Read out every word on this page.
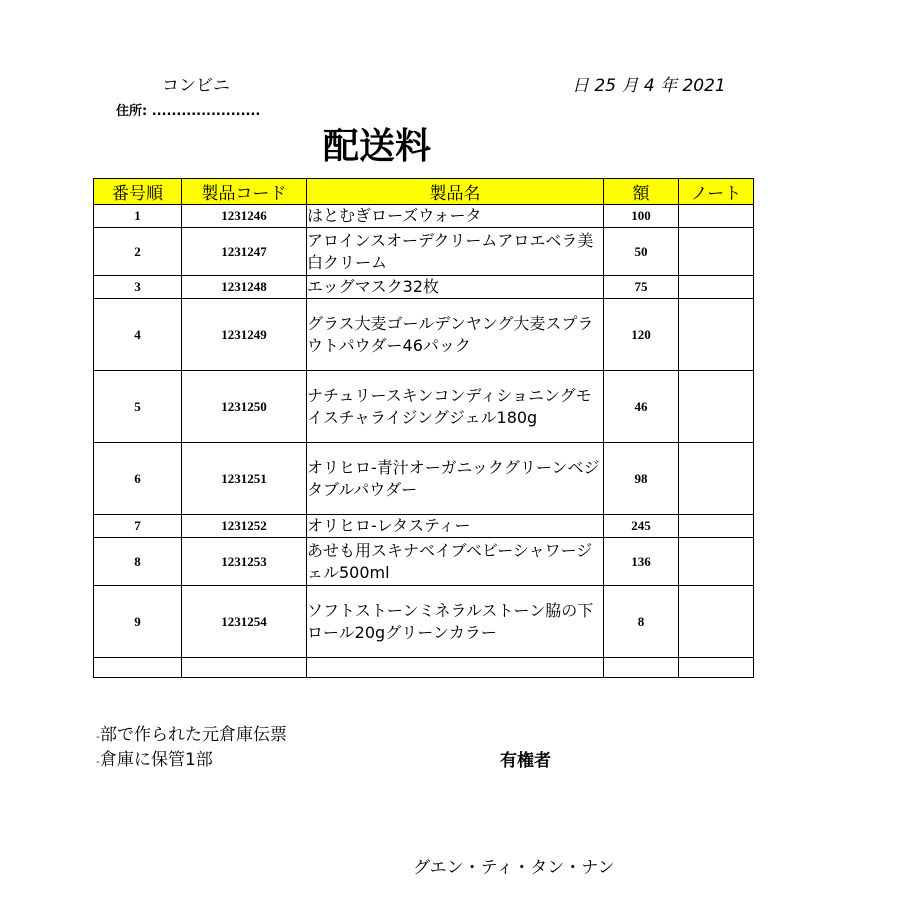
コンビニ
住所: ......................
日 25 月 4 年 2021
配送料
番号順	製品コード	製品名	額	ノート
1	1231246	はとむぎローズウォータ	100	
2	1231247	アロインスオーデクリームアロエベラ美白クリーム	50	
3	1231248	エッグマスク32枚	75	
4	1231249	グラス大麦ゴールデンヤング大麦スプラウトパウダー46パック	120	
5	1231250	ナチュリースキンコンディショニングモイスチャライジングジェル180g	46	
6	1231251	オリヒロ-青汁オーガニックグリーンベジタブルパウダー	98	
7	1231252	オリヒロ-レタスティー	245	
8	1231253	あせも用スキナベイブベビーシャワージェル500ml	136	
9	1231254	ソフトストーンミネラルストーン脇の下ロール20gグリーンカラー	8	

-部で作られた元倉庫伝票
-倉庫に保管1部	有権者
グエン・ティ・タン・ナン
